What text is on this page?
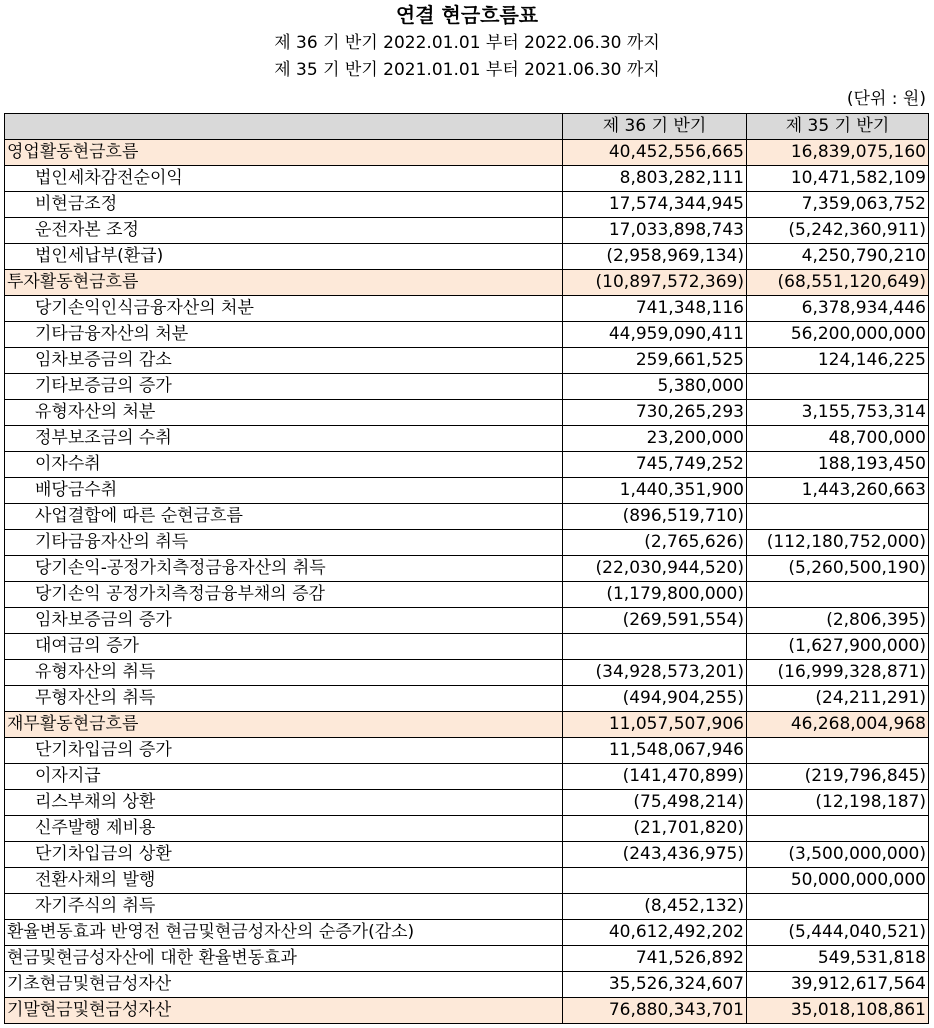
연결 현금흐름표
제 36 기 반기 2022.01.01 부터 2022.06.30 까지
제 35 기 반기 2021.01.01 부터 2021.06.30 까지
(단위 : 원)
	제 36 기 반기	제 35 기 반기
영업활동현금흐름	40,452,556,665	16,839,075,160
법인세차감전순이익	8,803,282,111	10,471,582,109
비현금조정	17,574,344,945	7,359,063,752
운전자본 조정	17,033,898,743	(5,242,360,911)
법인세납부(환급)	(2,958,969,134)	4,250,790,210
투자활동현금흐름	(10,897,572,369)	(68,551,120,649)
당기손익인식금융자산의 처분	741,348,116	6,378,934,446
기타금융자산의 처분	44,959,090,411	56,200,000,000
임차보증금의 감소	259,661,525	124,146,225
기타보증금의 증가	5,380,000	
유형자산의 처분	730,265,293	3,155,753,314
정부보조금의 수취	23,200,000	48,700,000
이자수취	745,749,252	188,193,450
배당금수취	1,440,351,900	1,443,260,663
사업결합에 따른 순현금흐름	(896,519,710)	
기타금융자산의 취득	(2,765,626)	(112,180,752,000)
당기손익-공정가치측정금융자산의 취득	(22,030,944,520)	(5,260,500,190)
당기손익 공정가치측정금융부채의 증감	(1,179,800,000)	
임차보증금의 증가	(269,591,554)	(2,806,395)
대여금의 증가		(1,627,900,000)
유형자산의 취득	(34,928,573,201)	(16,999,328,871)
무형자산의 취득	(494,904,255)	(24,211,291)
재무활동현금흐름	11,057,507,906	46,268,004,968
단기차입금의 증가	11,548,067,946	
이자지급	(141,470,899)	(219,796,845)
리스부채의 상환	(75,498,214)	(12,198,187)
신주발행 제비용	(21,701,820)	
단기차입금의 상환	(243,436,975)	(3,500,000,000)
전환사채의 발행		50,000,000,000
자기주식의 취득	(8,452,132)	
환율변동효과 반영전 현금및현금성자산의 순증가(감소)	40,612,492,202	(5,444,040,521)
현금및현금성자산에 대한 환율변동효과	741,526,892	549,531,818
기초현금및현금성자산	35,526,324,607	39,912,617,564
기말현금및현금성자산	76,880,343,701	35,018,108,861
